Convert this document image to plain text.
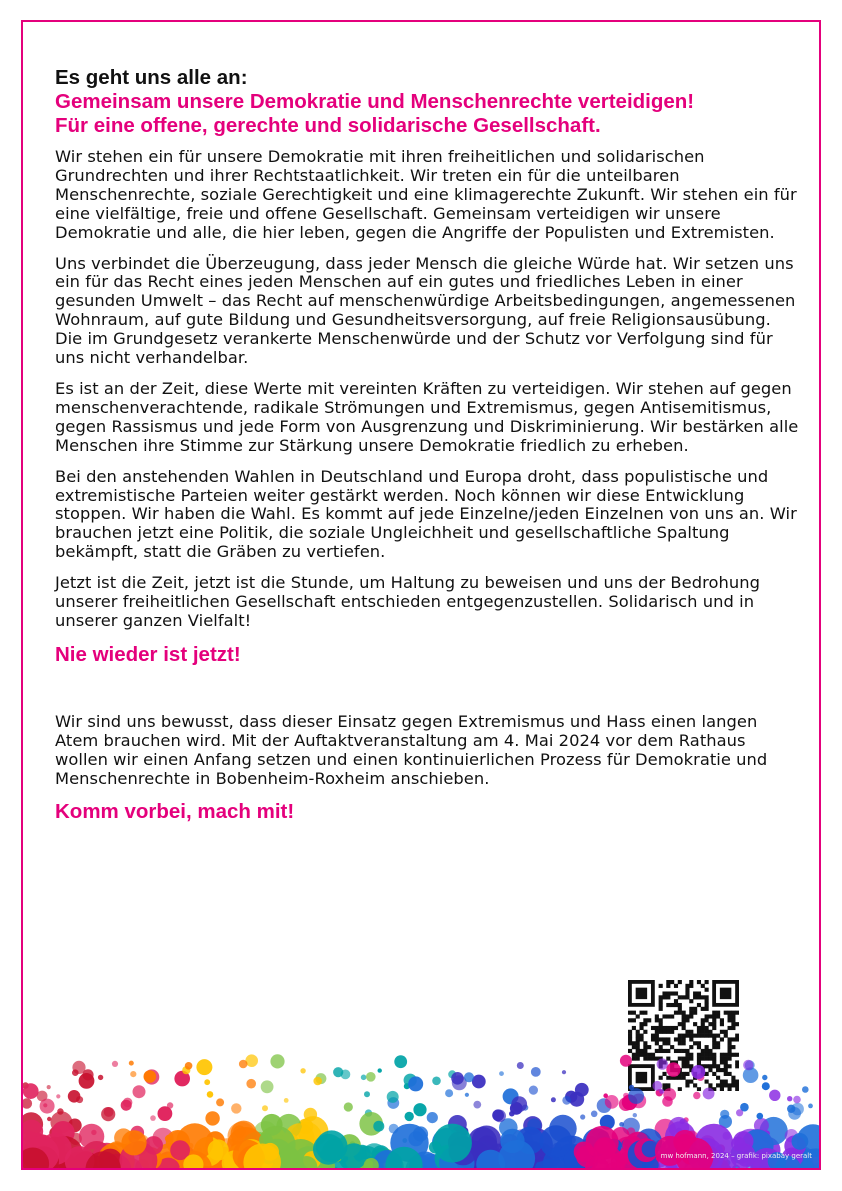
Es geht uns alle an:
Gemeinsam unsere Demokratie und Menschenrechte verteidigen!
Für eine offene, gerechte und solidarische Gesellschaft.

Wir stehen ein für unsere Demokratie mit ihren freiheitlichen und solidarischen Grundrechten und ihrer Rechtstaatlichkeit. Wir treten ein für die unteilbaren Menschenrechte, soziale Gerechtigkeit und eine klimagerechte Zukunft. Wir stehen ein für eine vielfältige, freie und offene Gesellschaft. Gemeinsam verteidigen wir unsere Demokratie und alle, die hier leben, gegen die Angriffe der Populisten und Extremisten.

Uns verbindet die Überzeugung, dass jeder Mensch die gleiche Würde hat. Wir setzen uns ein für das Recht eines jeden Menschen auf ein gutes und friedliches Leben in einer gesunden Umwelt – das Recht auf menschenwürdige Arbeitsbedingungen, angemessenen Wohnraum, auf gute Bildung und Gesundheitsversorgung, auf freie Religionsausübung. Die im Grundgesetz verankerte Menschenwürde und der Schutz vor Verfolgung sind für uns nicht verhandelbar.

Es ist an der Zeit, diese Werte mit vereinten Kräften zu verteidigen. Wir stehen auf gegen menschenverachtende, radikale Strömungen und Extremismus, gegen Antisemitismus, gegen Rassismus und jede Form von Ausgrenzung und Diskriminierung. Wir bestärken alle Menschen ihre Stimme zur Stärkung unsere Demokratie friedlich zu erheben.

Bei den anstehenden Wahlen in Deutschland und Europa droht, dass populistische und extremistische Parteien weiter gestärkt werden. Noch können wir diese Entwicklung stoppen. Wir haben die Wahl. Es kommt auf jede Einzelne/jeden Einzelnen von uns an. Wir brauchen jetzt eine Politik, die soziale Ungleichheit und gesellschaftliche Spaltung bekämpft, statt die Gräben zu vertiefen.

Jetzt ist die Zeit, jetzt ist die Stunde, um Haltung zu beweisen und uns der Bedrohung unserer freiheitlichen Gesellschaft entschieden entgegenzustellen. Solidarisch und in unserer ganzen Vielfalt!

Nie wieder ist jetzt!

Wir sind uns bewusst, dass dieser Einsatz gegen Extremismus und Hass einen langen Atem brauchen wird. Mit der Auftaktveranstaltung am 4. Mai 2024 vor dem Rathaus wollen wir einen Anfang setzen und einen kontinuierlichen Prozess für Demokratie und Menschenrechte in Bobenheim-Roxheim anschieben.

Komm vorbei, mach mit!
mw hofmann, 2024 – grafik: pixabay geralt
